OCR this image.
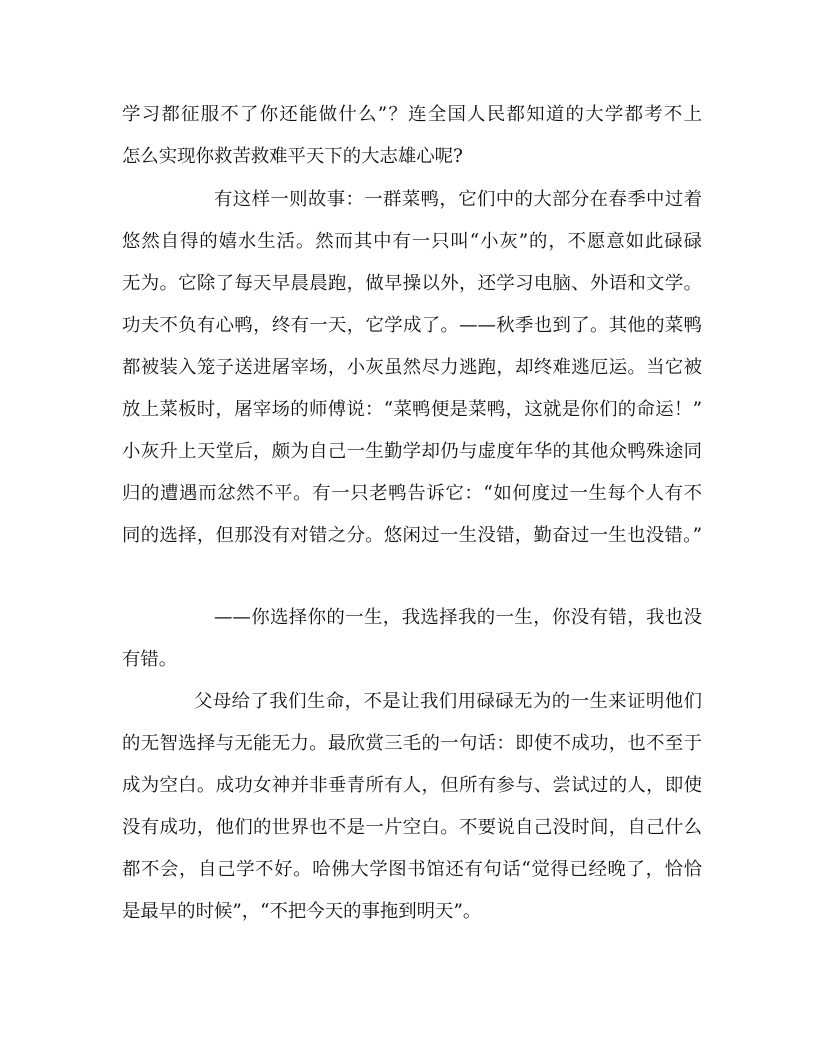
学习都征服不了你还能做什么”？连全国人民都知道的大学都考不上
怎么实现你救苦救难平天下的大志雄心呢?
有这样一则故事：一群菜鸭，它们中的大部分在春季中过着
悠然自得的嬉水生活。然而其中有一只叫“小灰”的，不愿意如此碌碌
无为。它除了每天早晨晨跑，做早操以外，还学习电脑、外语和文学。
功夫不负有心鸭，终有一天，它学成了。——秋季也到了。其他的菜鸭
都被装入笼子送进屠宰场，小灰虽然尽力逃跑，却终难逃厄运。当它被
放上菜板时，屠宰场的师傅说：“菜鸭便是菜鸭，这就是你们的命运！”
小灰升上天堂后，颇为自己一生勤学却仍与虚度年华的其他众鸭殊途同
归的遭遇而忿然不平。有一只老鸭告诉它：“如何度过一生每个人有不
同的选择，但那没有对错之分。悠闲过一生没错，勤奋过一生也没错。”
——你选择你的一生，我选择我的一生，你没有错，我也没
有错。
父母给了我们生命，不是让我们用碌碌无为的一生来证明他们
的无智选择与无能无力。最欣赏三毛的一句话：即使不成功，也不至于
成为空白。成功女神并非垂青所有人，但所有参与、尝试过的人，即使
没有成功，他们的世界也不是一片空白。不要说自己没时间，自己什么
都不会，自己学不好。哈佛大学图书馆还有句话“觉得已经晚了，恰恰
是最早的时候”，“不把今天的事拖到明天”。
